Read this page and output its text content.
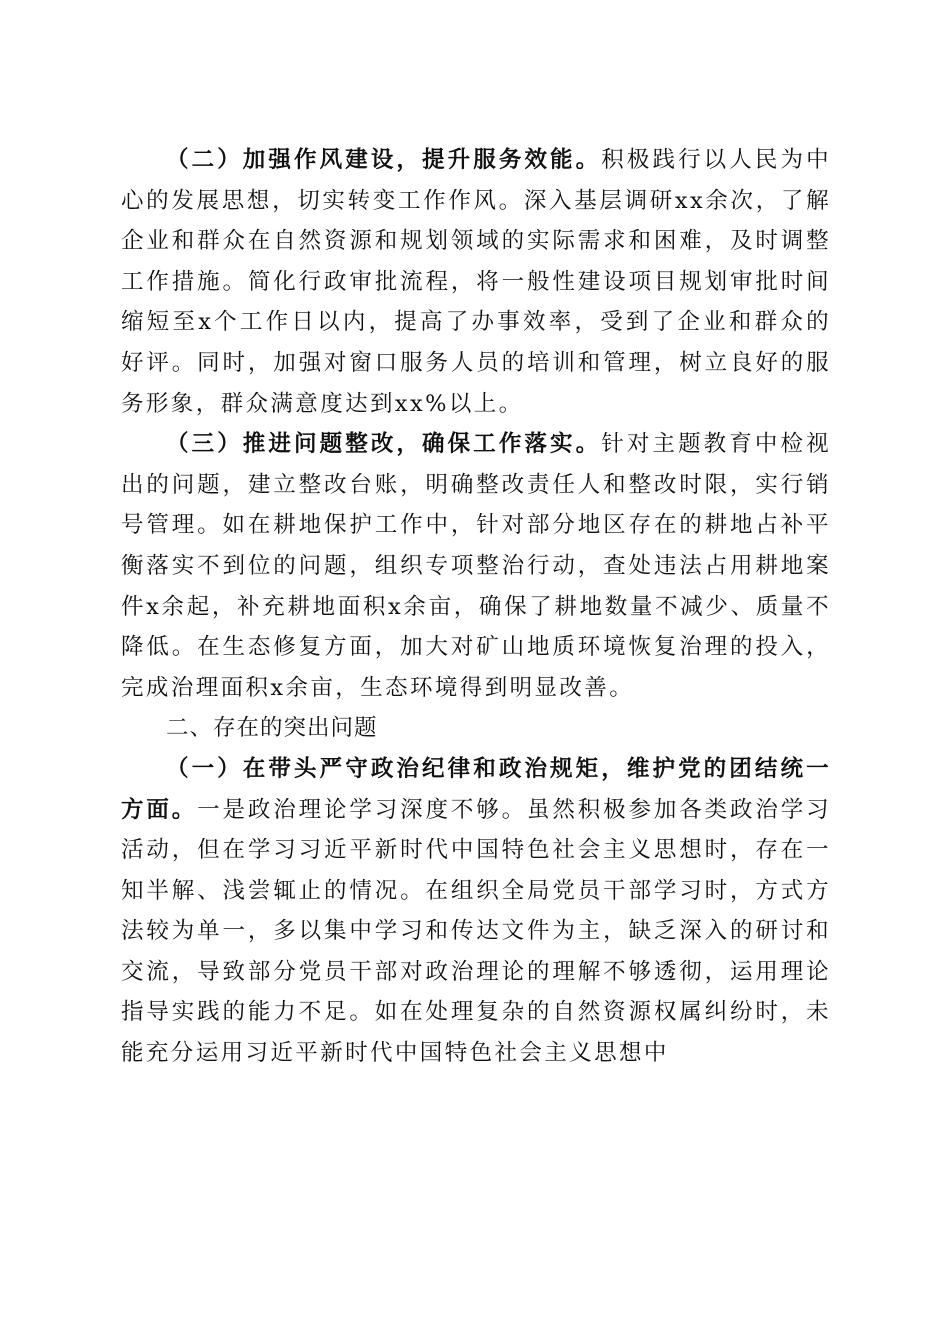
（二）加强作风建设，提升服务效能。积极践行以人民为中心的发展思想，切实转变工作作风。深入基层调研xx余次，了解企业和群众在自然资源和规划领域的实际需求和困难，及时调整工作措施。简化行政审批流程，将一般性建设项目规划审批时间缩短至x个工作日以内，提高了办事效率，受到了企业和群众的好评。同时，加强对窗口服务人员的培训和管理，树立良好的服务形象，群众满意度达到xx%以上。

（三）推进问题整改，确保工作落实。针对主题教育中检视出的问题，建立整改台账，明确整改责任人和整改时限，实行销号管理。如在耕地保护工作中，针对部分地区存在的耕地占补平衡落实不到位的问题，组织专项整治行动，查处违法占用耕地案件x余起，补充耕地面积x余亩，确保了耕地数量不减少、质量不降低。在生态修复方面，加大对矿山地质环境恢复治理的投入，完成治理面积x余亩，生态环境得到明显改善。

二、存在的突出问题

（一）在带头严守政治纪律和政治规矩，维护党的团结统一方面。一是政治理论学习深度不够。虽然积极参加各类政治学习活动，但在学习习近平新时代中国特色社会主义思想时，存在一知半解、浅尝辄止的情况。在组织全局党员干部学习时，方式方法较为单一，多以集中学习和传达文件为主，缺乏深入的研讨和交流，导致部分党员干部对政治理论的理解不够透彻，运用理论指导实践的能力不足。如在处理复杂的自然资源权属纠纷时，未能充分运用习近平新时代中国特色社会主义思想中
